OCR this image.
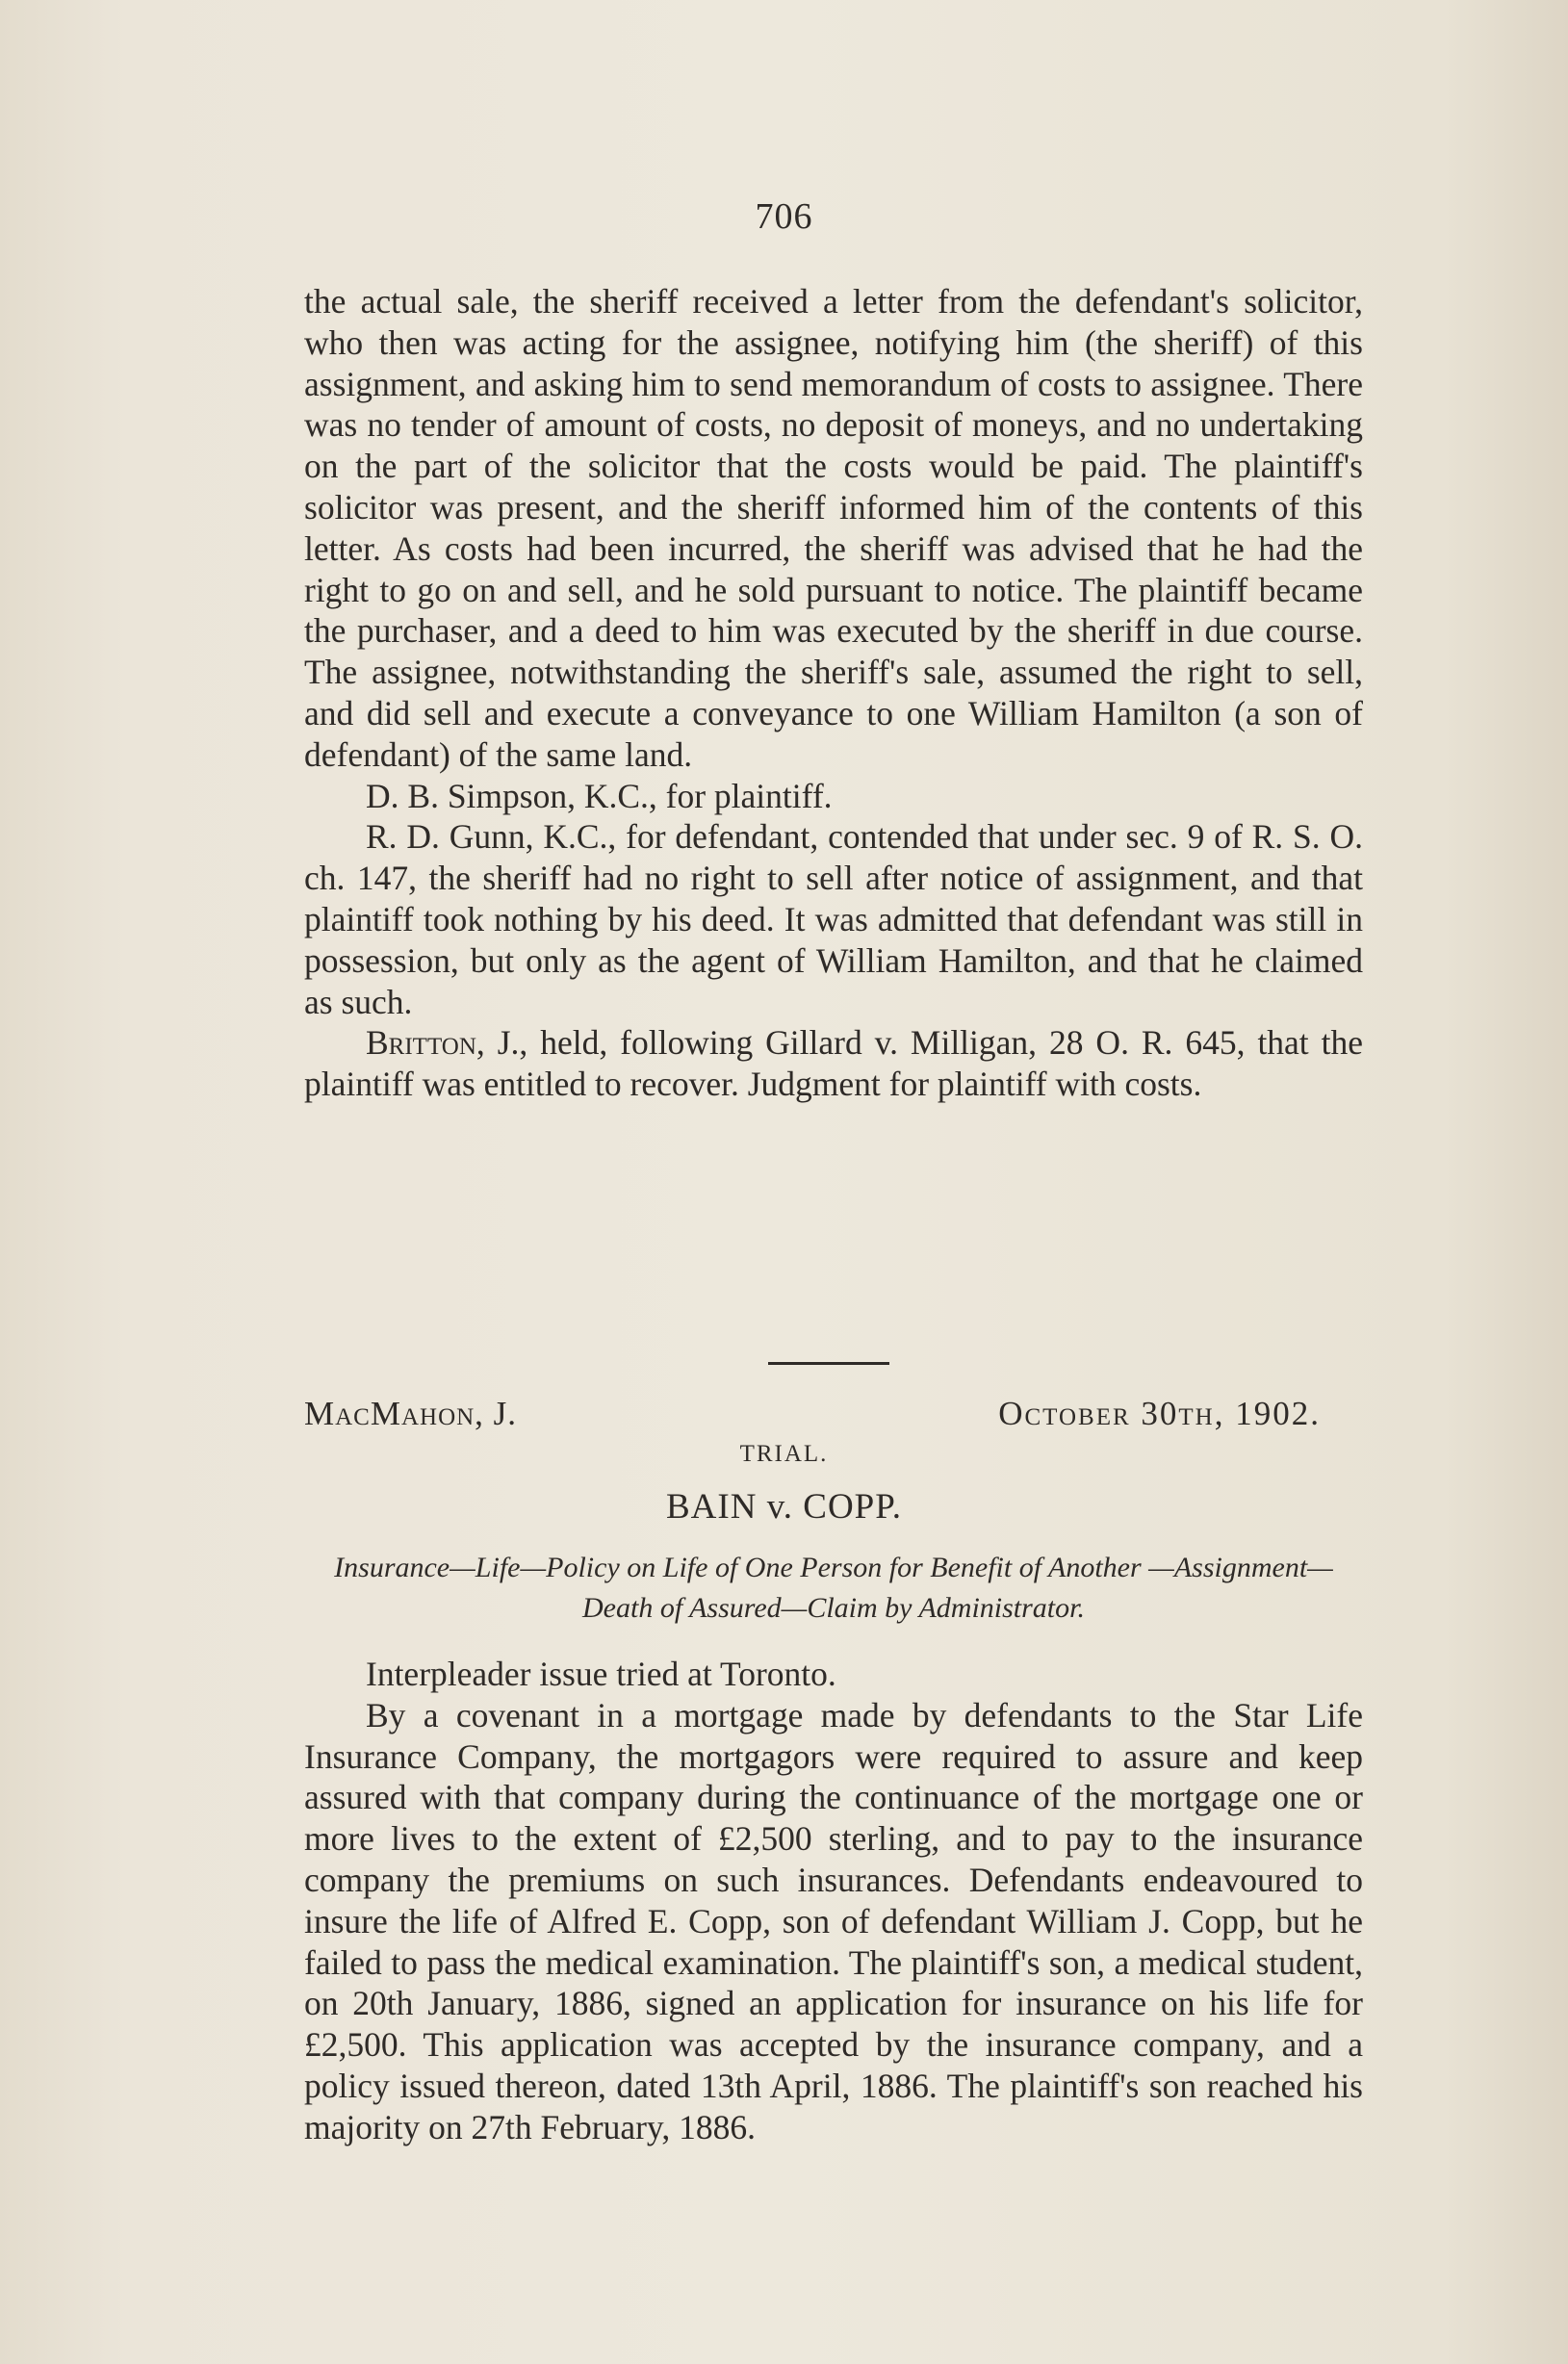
706

the actual sale, the sheriff received a letter from the defendant's solicitor, who then was acting for the assignee, notifying him (the sheriff) of this assignment, and asking him to send memorandum of costs to assignee. There was no tender of amount of costs, no deposit of moneys, and no undertaking on the part of the solicitor that the costs would be paid. The plaintiff's solicitor was present, and the sheriff informed him of the contents of this letter. As costs had been incurred, the sheriff was advised that he had the right to go on and sell, and he sold pursuant to notice. The plaintiff became the purchaser, and a deed to him was executed by the sheriff in due course. The assignee, notwithstanding the sheriff's sale, assumed the right to sell, and did sell and execute a conveyance to one William Hamilton (a son of defendant) of the same land.

D. B. Simpson, K.C., for plaintiff.

R. D. Gunn, K.C., for defendant, contended that under sec. 9 of R. S. O. ch. 147, the sheriff had no right to sell after notice of assignment, and that plaintiff took nothing by his deed. It was admitted that defendant was still in possession, but only as the agent of William Hamilton, and that he claimed as such.

Britton, J., held, following Gillard v. Milligan, 28 O. R. 645, that the plaintiff was entitled to recover. Judgment for plaintiff with costs.

MacMahon, J.	October 30th, 1902.
TRIAL.
BAIN v. COPP.
Insurance—Life—Policy on Life of One Person for Benefit of Another —Assignment—Death of Assured—Claim by Administrator.

Interpleader issue tried at Toronto.

By a covenant in a mortgage made by defendants to the Star Life Insurance Company, the mortgagors were required to assure and keep assured with that company during the continuance of the mortgage one or more lives to the extent of £2,500 sterling, and to pay to the insurance company the premiums on such insurances. Defendants endeavoured to insure the life of Alfred E. Copp, son of defendant William J. Copp, but he failed to pass the medical examination. The plaintiff's son, a medical student, on 20th January, 1886, signed an application for insurance on his life for £2,500. This application was accepted by the insurance company, and a policy issued thereon, dated 13th April, 1886. The plaintiff's son reached his majority on 27th February, 1886.
